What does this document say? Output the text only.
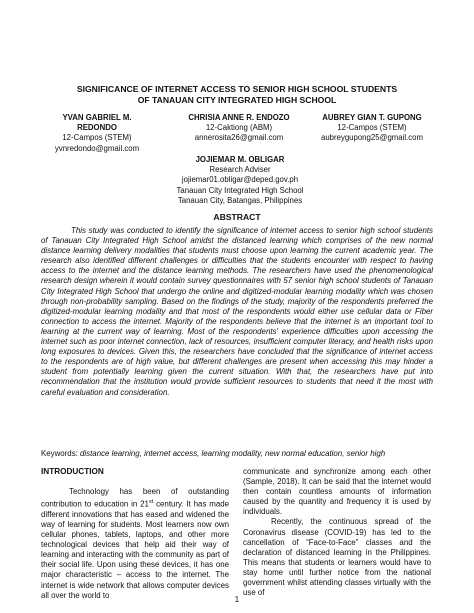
SIGNIFICANCE OF INTERNET ACCESS TO SENIOR HIGH SCHOOL STUDENTS
OF TANAUAN CITY INTEGRATED HIGH SCHOOL
YVAN GABRIEL M.
REDONDO
12-Campos (STEM)
yvnredondo@gmail.com
CHRISIA ANNE R. ENDOZO
12-Caktiong (ABM)
annerosita26@gmail.com
AUBREY GIAN T. GUPONG
12-Campos (STEM)
aubreygupong25@gmail.com
JOJIEMAR M. OBLIGAR
Research Adviser
jojiemar01.obligar@deped.gov.ph
Tanauan City Integrated High School
Tanauan City, Batangas, Philippines
ABSTRACT

This study was conducted to identify the significance of internet access to senior high school students of Tanauan City Integrated High School amidst the distanced learning which comprises of the new normal distance learning delivery modalities that students must choose upon learning the current academic year. The research also identified different challenges or difficulties that the students encounter with respect to having access to the internet and the distance learning methods. The researchers have used the phenomenological research design wherein it would contain survey questionnaires with 57 senior high school students of Tanauan City Integrated High School that undergo the online and digitized-modular learning modality which was chosen through non-probability sampling. Based on the findings of the study, majority of the respondents preferred the digitized-modular learning modality and that most of the respondents would either use cellular data or Fiber connection to access the internet. Majority of the respondents believe that the internet is an important tool to learning at the current way of learning. Most of the respondents' experience difficulties upon accessing the internet such as poor internet connection, lack of resources, insufficient computer literacy, and health risks upon long exposures to devices. Given this, the researchers have concluded that the significance of internet access to the respondents are of high value, but different challenges are present when accessing this may hinder a student from potentially learning given the current situation. With that, the researchers have put into recommendation that the institution would provide sufficient resources to students that need it the most with careful evaluation and consideration.

Keywords: distance learning, internet access, learning modality, new normal education, senior high

INTRODUCTION

Technology has been of outstanding contribution to education in 21st century. It has made different innovations that has eased and widened the way of learning for students. Most learners now own cellular phones, tablets, laptops, and other more technological devices that help aid their way of learning and interacting with the community as part of their social life. Upon using these devices, it has one major characteristic – access to the internet. The internet is wide network that allows computer devices all over the world to

communicate and synchronize among each other (Sample, 2018). It can be said that the internet would then contain countless amounts of information caused by the quantity and frequency it is used by individuals.

Recently, the continuous spread of the Coronavirus disease (COVID-19) has led to the cancellation of “Face-to-Face” classes and the declaration of distanced learning in the Philippines. This means that students or learners would have to stay home until further notice from the national government whilst attending classes virtually with the use of

1
